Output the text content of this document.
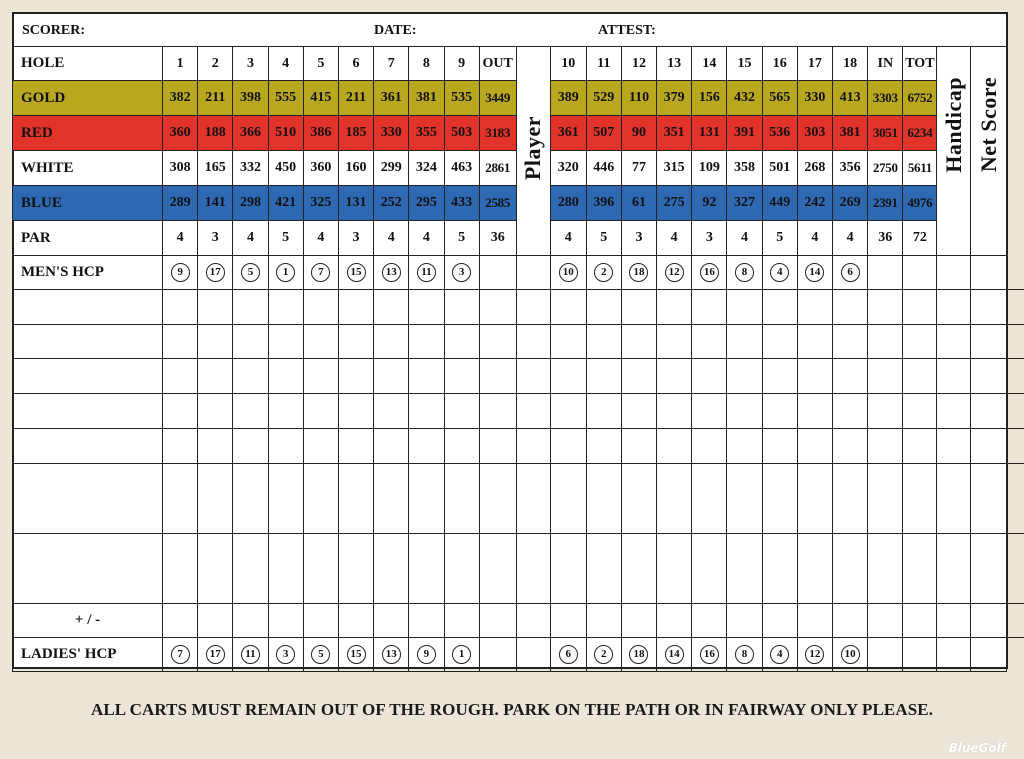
SCORER:	DATE:	ATTEST:
HOLE	1	2	3	4	5	6	7	8	9	OUT	Player	10	11	12	13	14	15	16	17	18	IN	TOT	Handicap	Net Score	
GOLD	382	211	398	555	415	211	361	381	535	3449		389	529	110	379	156	432	565	330	413	3303	6752			
RED	360	188	366	510	386	185	330	355	503	3183		361	507	90	351	131	391	536	303	381	3051	6234			
WHITE	308	165	332	450	360	160	299	324	463	2861		320	446	77	315	109	358	501	268	356	2750	5611			
BLUE	289	141	298	421	325	131	252	295	433	2585		280	396	61	275	92	327	449	242	269	2391	4976			
PAR	4	3	4	5	4	3	4	4	5	36		4	5	3	4	3	4	5	4	4	36	72			
MEN'S HCP	9	17	5	1	7	15	13	11	3			10	2	18	12	16	8	4	14	6					

+ / -																									
LADIES' HCP	7	17	11	3	5	15	13	9	1			6	2	18	14	16	8	4	12	10					
ALL CARTS MUST REMAIN OUT OF THE ROUGH. PARK ON THE PATH OR IN FAIRWAY ONLY PLEASE.
BlueGolf
